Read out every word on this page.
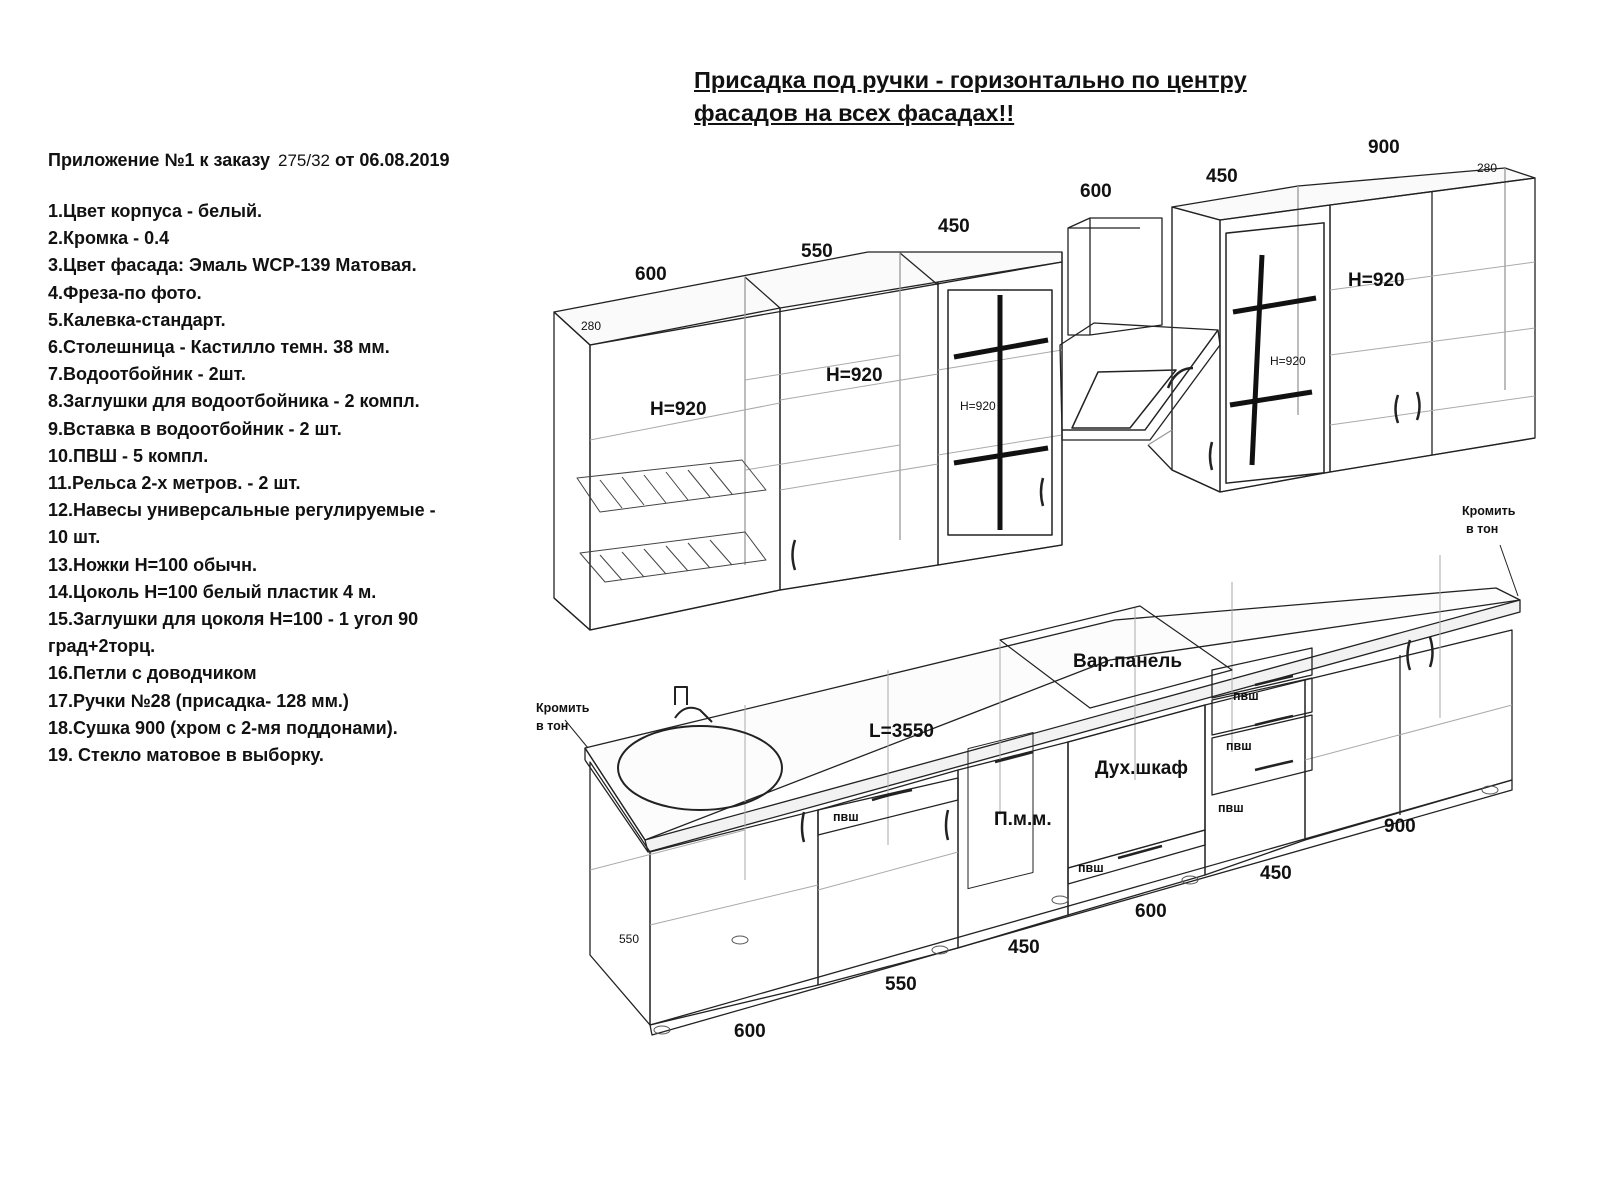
Присадка под ручки - горизонтально по центру
фасадов на всех фасадах!!
Приложение №1 к заказу 275/32 от 06.08.2019
1.Цвет корпуса - белый.
2.Кромка - 0.4
3.Цвет фасада: Эмаль WCP-139 Матовая.
4.Фреза-по фото.
5.Калевка-стандарт.
6.Столешница - Кастилло темн. 38 мм.
7.Водоотбойник - 2шт.
8.Заглушки для водоотбойника - 2 компл.
9.Вставка в водоотбойник - 2 шт.
10.ПВШ - 5 компл.
11.Рельса 2-х метров. - 2 шт.
12.Навесы универсальные регулируемые -
10 шт.
13.Ножки Н=100 обычн.
14.Цоколь Н=100 белый пластик 4 м.
15.Заглушки для цоколя Н=100 - 1 угол 90
град+2торц.
16.Петли с доводчиком
17.Ручки №28 (присадка- 128 мм.)
18.Сушка 900 (хром с 2-мя поддонами).
19. Стекло матовое в выборку.
600
550
450
600
450
900
280
280
H=920
H=920
H=920
H=920
H=920
L=3550
Вар.панель
Дух.шкаф
П.м.м.
550
пвш
пвш
пвш
пвш
пвш
600
550
450
600
450
900
Кромить
в тон
Кромить
в тон
